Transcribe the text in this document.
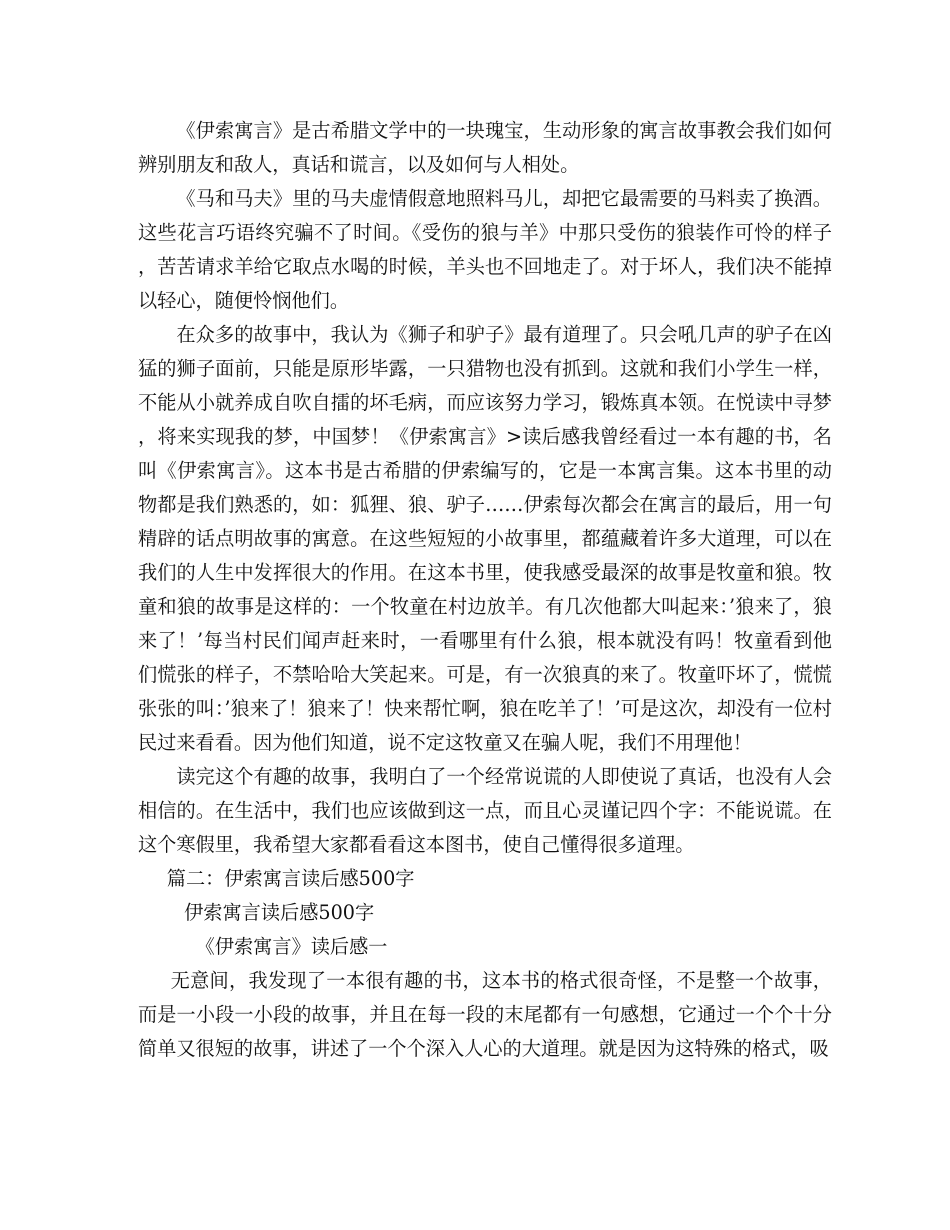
《伊索寓言》是古希腊文学中的一块瑰宝，生动形象的寓言故事教会我们如何辨别朋友和敌人，真话和谎言，以及如何与人相处。

《马和马夫》里的马夫虚情假意地照料马儿，却把它最需要的马料卖了换酒。这些花言巧语终究骗不了时间。《受伤的狼与羊》中那只受伤的狼装作可怜的样子，苦苦请求羊给它取点水喝的时候，羊头也不回地走了。对于坏人，我们决不能掉以轻心，随便怜悯他们。

在众多的故事中，我认为《狮子和驴子》最有道理了。只会吼几声的驴子在凶猛的狮子面前，只能是原形毕露，一只猎物也没有抓到。这就和我们小学生一样，不能从小就养成自吹自擂的坏毛病，而应该努力学习，锻炼真本领。在悦读中寻梦，将来实现我的梦，中国梦！《伊索寓言》>读后感我曾经看过一本有趣的书，名叫《伊索寓言》。这本书是古希腊的伊索编写的，它是一本寓言集。这本书里的动物都是我们熟悉的，如：狐狸、狼、驴子……伊索每次都会在寓言的最后，用一句精辟的话点明故事的寓意。在这些短短的小故事里，都蕴藏着许多大道理，可以在我们的人生中发挥很大的作用。在这本书里，使我感受最深的故事是牧童和狼。牧童和狼的故事是这样的：一个牧童在村边放羊。有几次他都大叫起来：’狼来了，狼来了！’每当村民们闻声赶来时，一看哪里有什么狼，根本就没有吗！牧童看到他们慌张的样子，不禁哈哈大笑起来。可是，有一次狼真的来了。牧童吓坏了，慌慌张张的叫：’狼来了！狼来了！快来帮忙啊，狼在吃羊了！’可是这次，却没有一位村民过来看看。因为他们知道，说不定这牧童又在骗人呢，我们不用理他！

读完这个有趣的故事，我明白了一个经常说谎的人即使说了真话，也没有人会相信的。在生活中，我们也应该做到这一点，而且心灵谨记四个字：不能说谎。在这个寒假里，我希望大家都看看这本图书，使自己懂得很多道理。

篇二：伊索寓言读后感500字

伊索寓言读后感500字

《伊索寓言》读后感一

无意间，我发现了一本很有趣的书，这本书的格式很奇怪，不是整一个故事，而是一小段一小段的故事，并且在每一段的末尾都有一句感想，它通过一个个十分简单又很短的故事，讲述了一个个深入人心的大道理。就是因为这特殊的格式，吸
